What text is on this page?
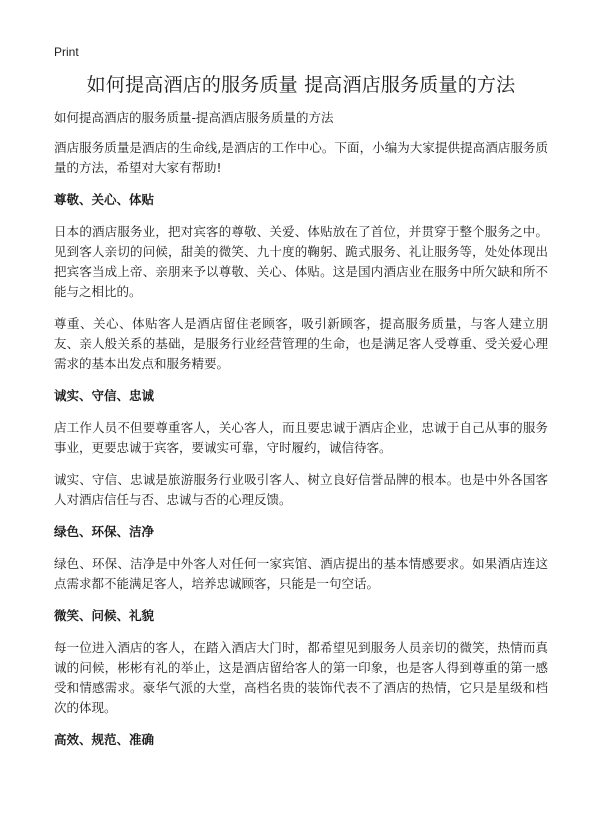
Print
如何提高酒店的服务质量 提高酒店服务质量的方法

如何提高酒店的服务质量-提高酒店服务质量的方法

酒店服务质量是酒店的生命线,是酒店的工作中心。下面，小编为大家提供提高酒店服务质量的方法，希望对大家有帮助!

尊敬、关心、体贴

日本的酒店服务业，把对宾客的尊敬、关爱、体贴放在了首位，并贯穿于整个服务之中。见到客人亲切的问候，甜美的微笑、九十度的鞠躬、跪式服务、礼让服务等，处处体现出把宾客当成上帝、亲朋来予以尊敬、关心、体贴。这是国内酒店业在服务中所欠缺和所不能与之相比的。

尊重、关心、体贴客人是酒店留住老顾客，吸引新顾客，提高服务质量，与客人建立朋友、亲人般关系的基础，是服务行业经营管理的生命，也是满足客人受尊重、受关爱心理需求的基本出发点和服务精要。

诚实、守信、忠诚

店工作人员不但要尊重客人，关心客人，而且要忠诚于酒店企业，忠诚于自己从事的服务事业，更要忠诚于宾客，要诚实可靠，守时履约，诚信待客。

诚实、守信、忠诚是旅游服务行业吸引客人、树立良好信誉品牌的根本。也是中外各国客人对酒店信任与否、忠诚与否的心理反馈。

绿色、环保、洁净

绿色、环保、洁净是中外客人对任何一家宾馆、酒店提出的基本情感要求。如果酒店连这点需求都不能满足客人，培养忠诚顾客，只能是一句空话。

微笑、问候、礼貌

每一位进入酒店的客人，在踏入酒店大门时，都希望见到服务人员亲切的微笑，热情而真诚的问候，彬彬有礼的举止，这是酒店留给客人的第一印象，也是客人得到尊重的第一感受和情感需求。豪华气派的大堂，高档名贵的装饰代表不了酒店的热情，它只是星级和档次的体现。

高效、规范、准确
